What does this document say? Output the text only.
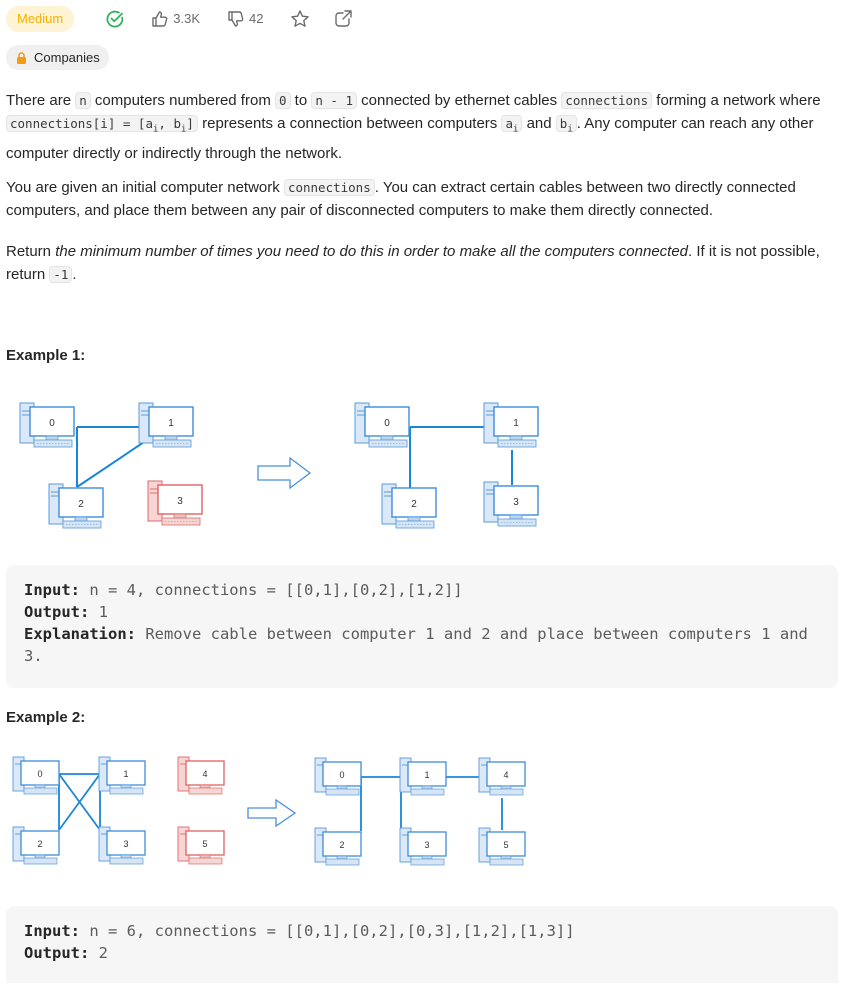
Medium	3.3K	42
Companies
There are n computers numbered from 0 to n - 1 connected by ethernet cables connections forming a network where connections[i] = [$a_i$, $b_i$] represents a connection between computers $a_i$ and $b_i$ . Any computer can reach any other computer directly or indirectly through the network.
You are given an initial computer network connections . You can extract certain cables between two directly connected computers, and place them between any pair of disconnected computers to make them directly connected.
Return the minimum number of times you need to do this in order to make all the computers connected. If it is not possible, return -1 .
Example 1:
0	1
2	3
0	1
2	3
Input: n = 4, connections = [[0,1],[0,2],[1,2]]
Output: 1
Explanation: Remove cable between computer 1 and 2 and place between computers 1 and 3.
Example 2:
0	1
2	3
4
5
0	1
2	3
4
5
Input: n = 6, connections = [[0,1],[0,2],[0,3],[1,2],[1,3]]
Output: 2
